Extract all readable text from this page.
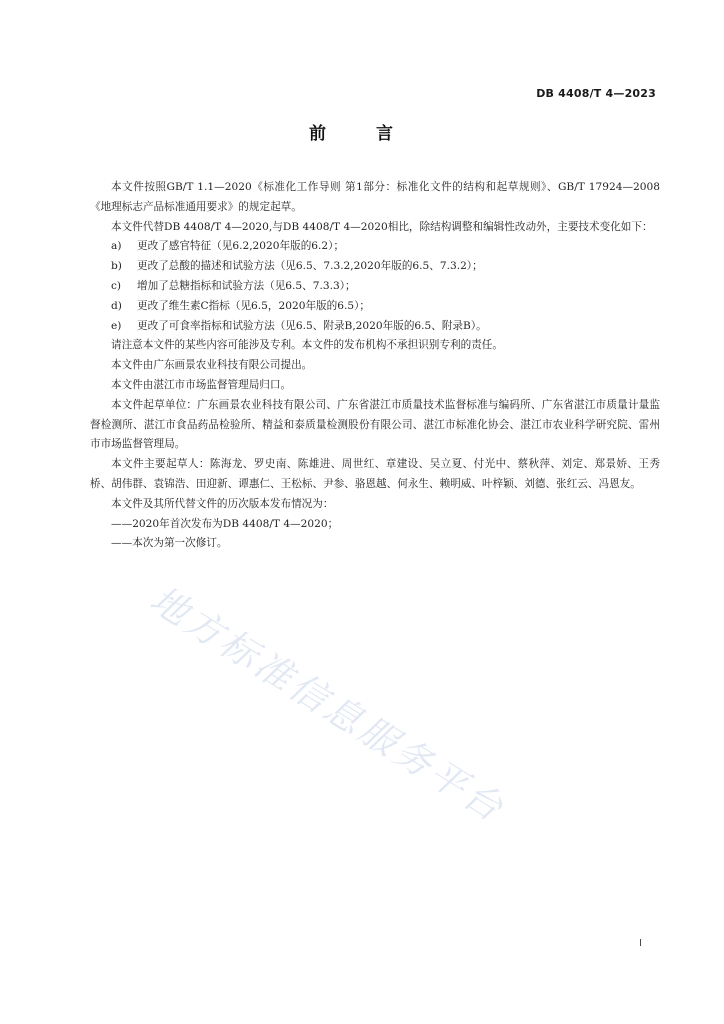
DB 4408/T 4—2023
前 言

本文件按照GB/T 1.1—2020《标准化工作导则 第1部分：标准化文件的结构和起草规则》、GB/T 17924—2008《地理标志产品标准通用要求》的规定起草。

本文件代替DB 4408/T 4—2020,与DB 4408/T 4—2020相比，除结构调整和编辑性改动外，主要技术变化如下：

a)	更改了感官特征（见6.2,2020年版的6.2）；
b)	更改了总酸的描述和试验方法（见6.5、7.3.2,2020年版的6.5、7.3.2）；
c)	增加了总糖指标和试验方法（见6.5、7.3.3）；
d)	更改了维生素C指标（见6.5，2020年版的6.5）；
e)	更改了可食率指标和试验方法（见6.5、附录B,2020年版的6.5、附录B）。

请注意本文件的某些内容可能涉及专利。本文件的发布机构不承担识别专利的责任。

本文件由广东画景农业科技有限公司提出。

本文件由湛江市市场监督管理局归口。

本文件起草单位：广东画景农业科技有限公司、广东省湛江市质量技术监督标准与编码所、广东省湛江市质量计量监督检测所、湛江市食品药品检验所、精益和泰质量检测股份有限公司、湛江市标准化协会、湛江市农业科学研究院、雷州市市场监督管理局。

本文件主要起草人：陈海龙、罗史南、陈雄进、周世红、章建设、吴立夏、付光中、蔡秋萍、刘定、郑景娇、王秀桥、胡伟群、袁锦浩、田迎新、谭惠仁、王松标、尹参、骆恩越、何永生、赖明威、叶梓颖、刘德、张红云、冯恩友。

本文件及其所代替文件的历次版本发布情况为：

——2020年首次发布为DB 4408/T 4—2020；

——本次为第一次修订。

地方标准信息服务平台
I
